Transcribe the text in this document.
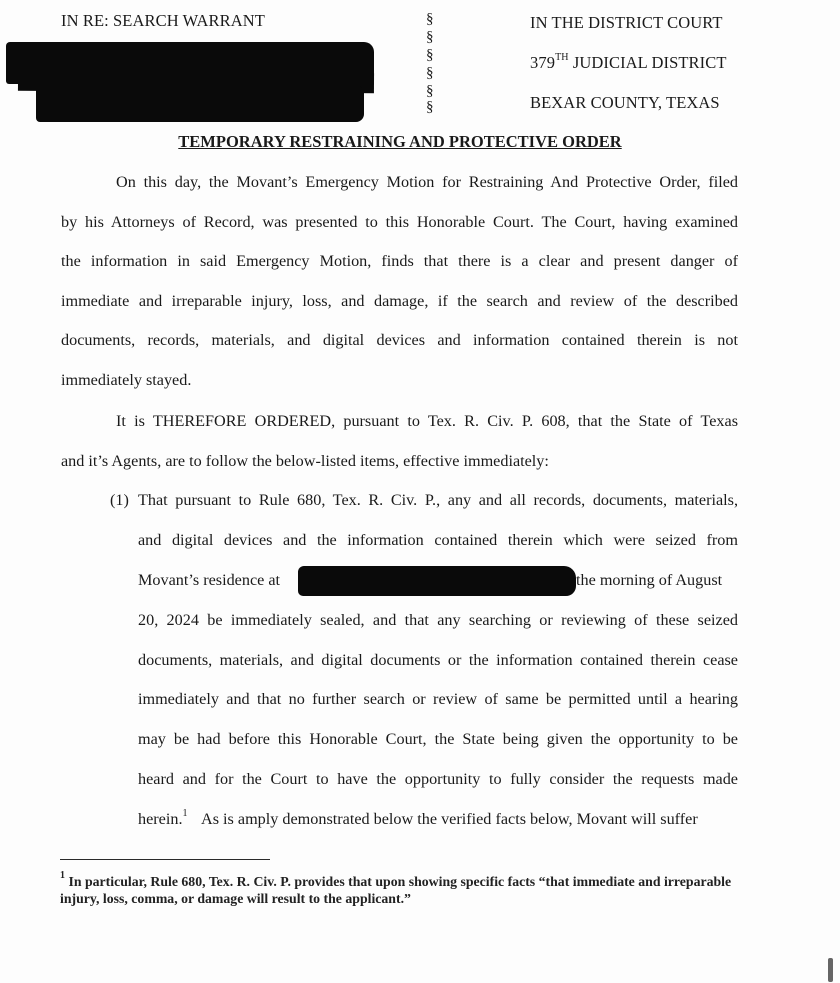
IN RE: SEARCH WARRANT	§
§
§
§
§
§
IN THE DISTRICT COURT
379TH JUDICIAL DISTRICT
BEXAR COUNTY, TEXAS
TEMPORARY RESTRAINING AND PROTECTIVE ORDER
On this day, the Movant’s Emergency Motion for Restraining And Protective Order, filed
by his Attorneys of Record, was presented to this Honorable Court. The Court, having examined
the information in said Emergency Motion, finds that there is a clear and present danger of
immediate and irreparable injury, loss, and damage, if the search and review of the described
documents, records, materials, and digital devices and information contained therein is not
immediately stayed.
It is THEREFORE ORDERED, pursuant to Tex. R. Civ. P. 608, that the State of Texas
and it’s Agents, are to follow the below-listed items, effective immediately:
(1) That pursuant to Rule 680, Tex. R. Civ. P., any and all records, documents, materials,
and digital devices and the information contained therein which were seized from
Movant’s residence at	the morning of August
20, 2024 be immediately sealed, and that any searching or reviewing of these seized
documents, materials, and digital documents or the information contained therein cease
immediately and that no further search or review of same be permitted until a hearing
may be had before this Honorable Court, the State being given the opportunity to be
heard and for the Court to have the opportunity to fully consider the requests made
herein.$^1$ As is amply demonstrated below the verified facts below, Movant will suffer
$^1$ In particular, Rule 680, Tex. R. Civ. P. provides that upon showing specific facts “that immediate and irreparable injury, loss, comma, or damage will result to the applicant.”
